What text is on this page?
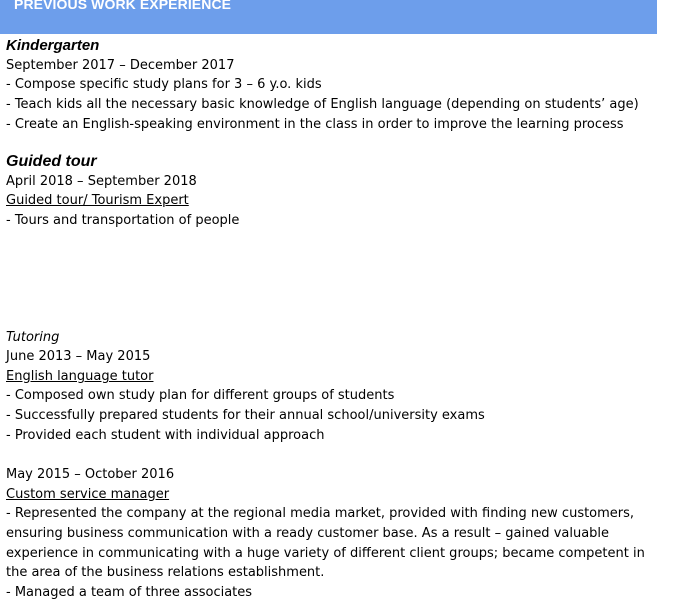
PREVIOUS WORK EXPERIENCE
Kindergarten
September 2017 – December 2017
- Compose specific study plans for 3 – 6 y.o. kids
- Teach kids all the necessary basic knowledge of English language (depending on students’ age)
- Create an English-speaking environment in the class in order to improve the learning process
Guided tour
April 2018 – September 2018
Guided tour/ Tourism Expert
- Tours and transportation of people
Tutoring
June 2013 – May 2015
English language tutor
- Composed own study plan for different groups of students
- Successfully prepared students for their annual school/university exams
- Provided each student with individual approach
May 2015 – October 2016
Custom service manager
- Represented the company at the regional media market, provided with finding new customers,
ensuring business communication with a ready customer base. As a result – gained valuable
experience in communicating with a huge variety of different client groups; became competent in
the area of the business relations establishment.
- Managed a team of three associates
